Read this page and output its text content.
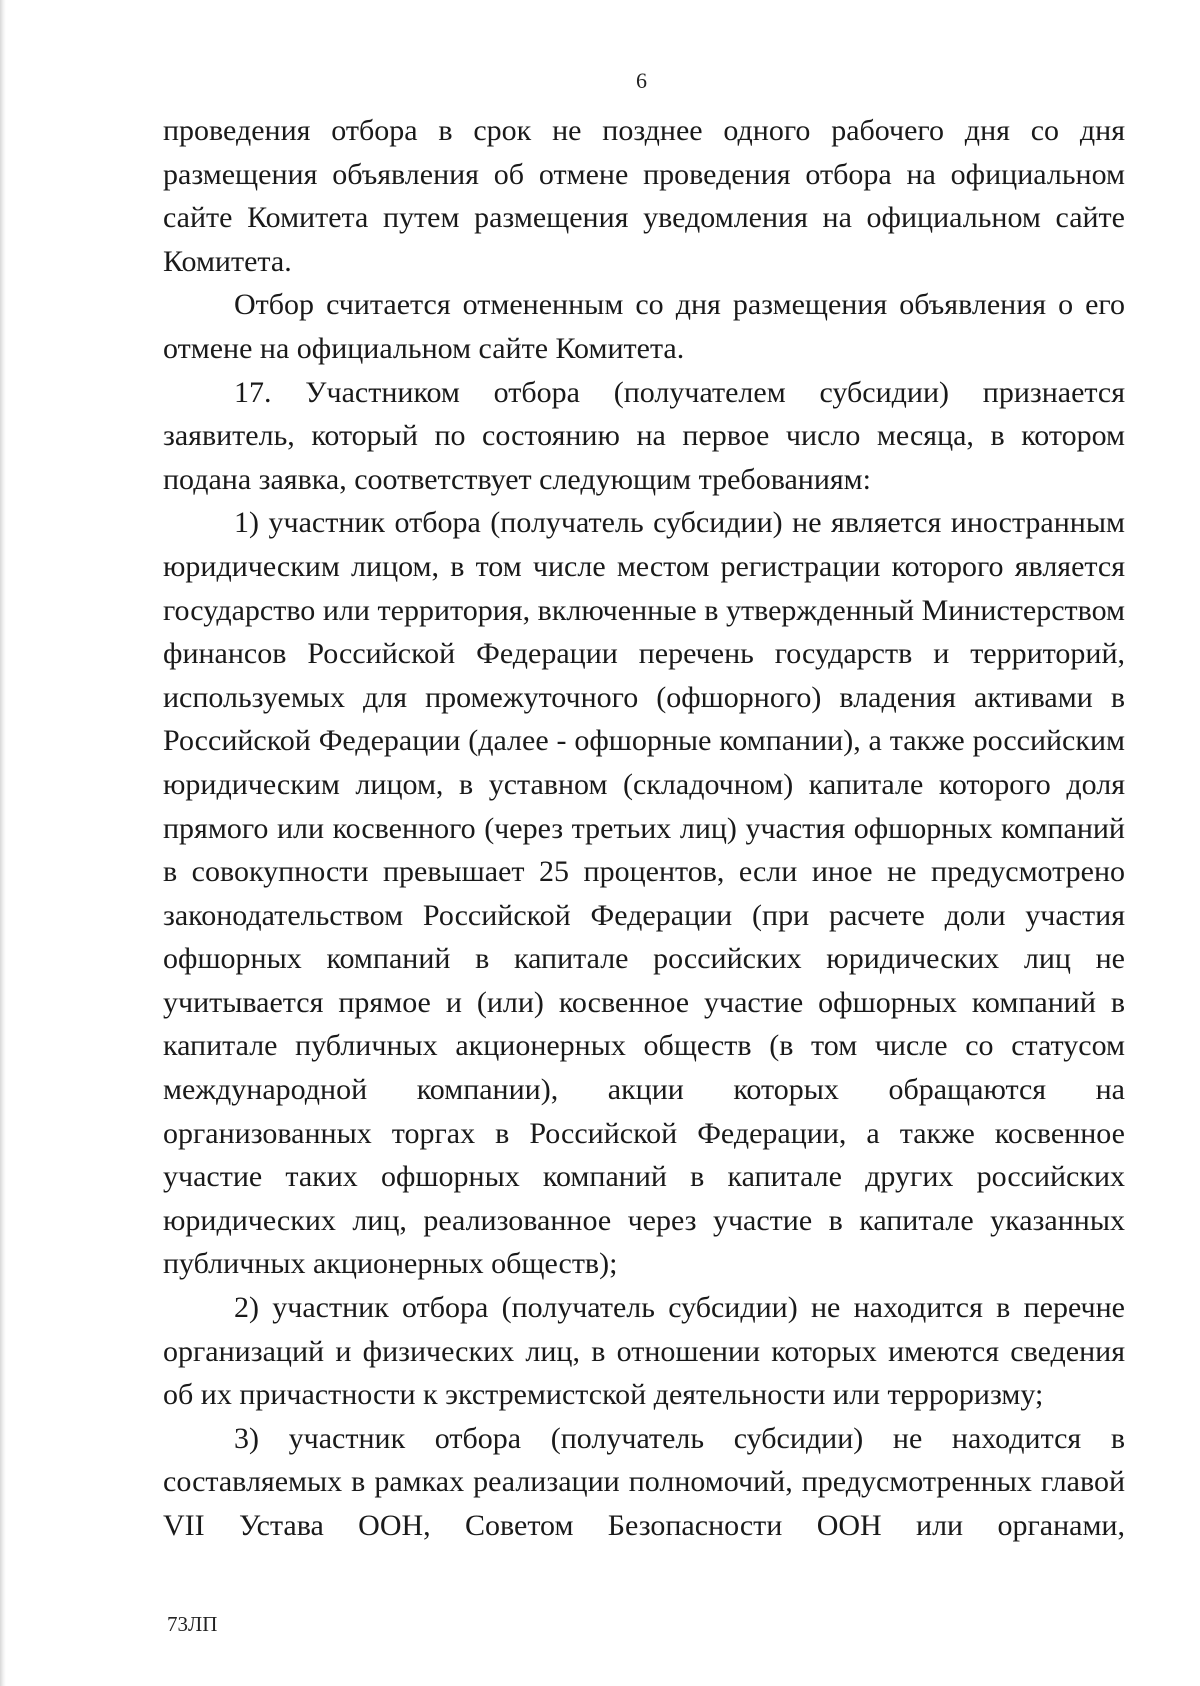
6

проведения отбора в срок не позднее одного рабочего дня со дня размещения объявления об отмене проведения отбора на официальном сайте Комитета путем размещения уведомления на официальном сайте Комитета.

Отбор считается отмененным со дня размещения объявления о его отмене на официальном сайте Комитета.

17. Участником отбора (получателем субсидии) признается заявитель, который по состоянию на первое число месяца, в котором подана заявка, соответствует следующим требованиям:

1) участник отбора (получатель субсидии) не является иностранным юридическим лицом, в том числе местом регистрации которого является государство или территория, включенные в утвержденный Министерством финансов Российской Федерации перечень государств и территорий, используемых для промежуточного (офшорного) владения активами в Российской Федерации (далее - офшорные компании), а также российским юридическим лицом, в уставном (складочном) капитале которого доля прямого или косвенного (через третьих лиц) участия офшорных компаний в совокупности превышает 25 процентов, если иное не предусмотрено законодательством Российской Федерации (при расчете доли участия офшорных компаний в капитале российских юридических лиц не учитывается прямое и (или) косвенное участие офшорных компаний в капитале публичных акционерных обществ (в том числе со статусом международной компании), акции которых обращаются на организованных торгах в Российской Федерации, а также косвенное участие таких офшорных компаний в капитале других российских юридических лиц, реализованное через участие в капитале указанных публичных акционерных обществ);

2) участник отбора (получатель субсидии) не находится в перечне организаций и физических лиц, в отношении которых имеются сведения об их причастности к экстремистской деятельности или терроризму;

3) участник отбора (получатель субсидии) не находится в составляемых в рамках реализации полномочий, предусмотренных главой VII Устава ООН, Советом Безопасности ООН или органами,

73ЛП
